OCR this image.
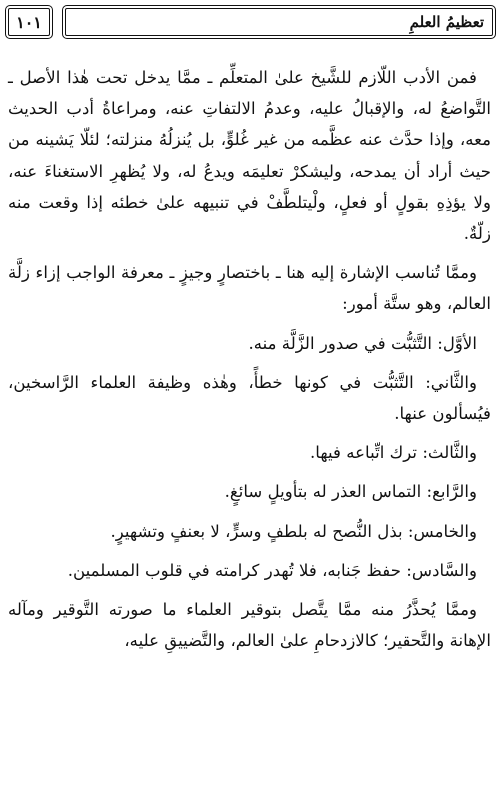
تعظيمُ العلمِ
١٠١

فمن الأدب اللّازم للشَّيخ علىٰ المتعلِّم ـ ممَّا يدخل تحت هٰذا الأصل ـ التَّواضعُ له، والإقبالُ عليه، وعدمُ الالتفاتِ عنه، ومراعاةُ أدب الحديث معه، وإذا حدَّث عنه عظَّمه من غير غُلوٍّ، بل يُنزلُهُ منزلته؛ لئلّا يَشينه من حيث أراد أن يمدحه، وليشكرْ تعليمَه ويدعُ له، ولا يُظهرِ الاستغناءَ عنه، ولا يؤذِهِ بقولٍ أو فعلٍ، ولْيتلطَّفْ في تنبيهه علىٰ خطئه إذا وقعت منه زلّةٌ.

وممَّا تُناسب الإشارة إليه هنا ـ باختصارٍ وجيزٍ ـ معرفة الواجب إزاء زلَّة العالم، وهو ستَّة أمور:

الأوَّل: التَّثبُّت في صدور الزَّلَّة منه.

والثَّاني: التَّثبُّت في كونها خطأً، وهٰذه وظيفة العلماء الرَّاسخين، فيُسألون عنها.

والثَّالث: ترك اتِّباعه فيها.

والرَّابع: التماس العذر له بتأويلٍ سائغٍ.

والخامس: بذل النُّصح له بلطفٍ وسرٍّ، لا بعنفٍ وتشهيرٍ.

والسَّادس: حفظ جَنابه، فلا تُهدر كرامته في قلوب المسلمين.

وممَّا يُحذَّرُ منه ممَّا يتَّصل بتوقير العلماء ما صورته التَّوقير ومآله الإهانة والتَّحقير؛ كالازدحامِ علىٰ العالم، والتَّضييقِ عليه،
